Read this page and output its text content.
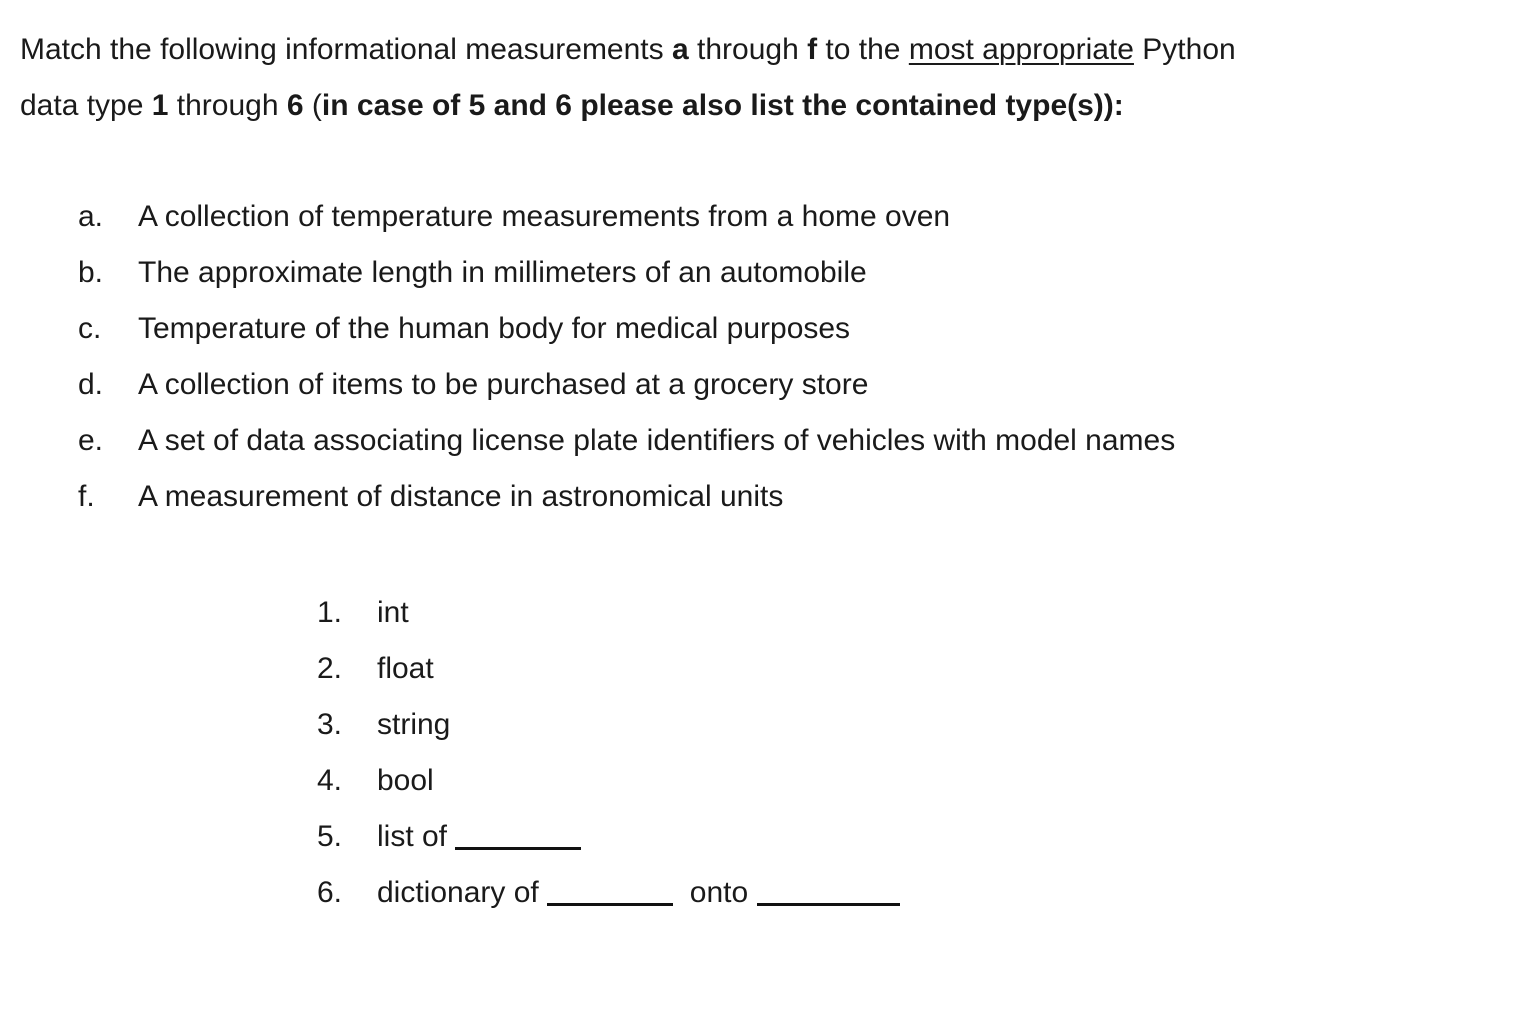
Match the following informational measurements a through f to the most appropriate Python
data type 1 through 6 (in case of 5 and 6 please also list the contained type(s)):
a. A collection of temperature measurements from a home oven
b. The approximate length in millimeters of an automobile
c. Temperature of the human body for medical purposes
d. A collection of items to be purchased at a grocery store
e. A set of data associating license plate identifiers of vehicles with model names
f. A measurement of distance in astronomical units
1. int
2. float
3. string
4. bool
5. list of
6. dictionary of	onto
